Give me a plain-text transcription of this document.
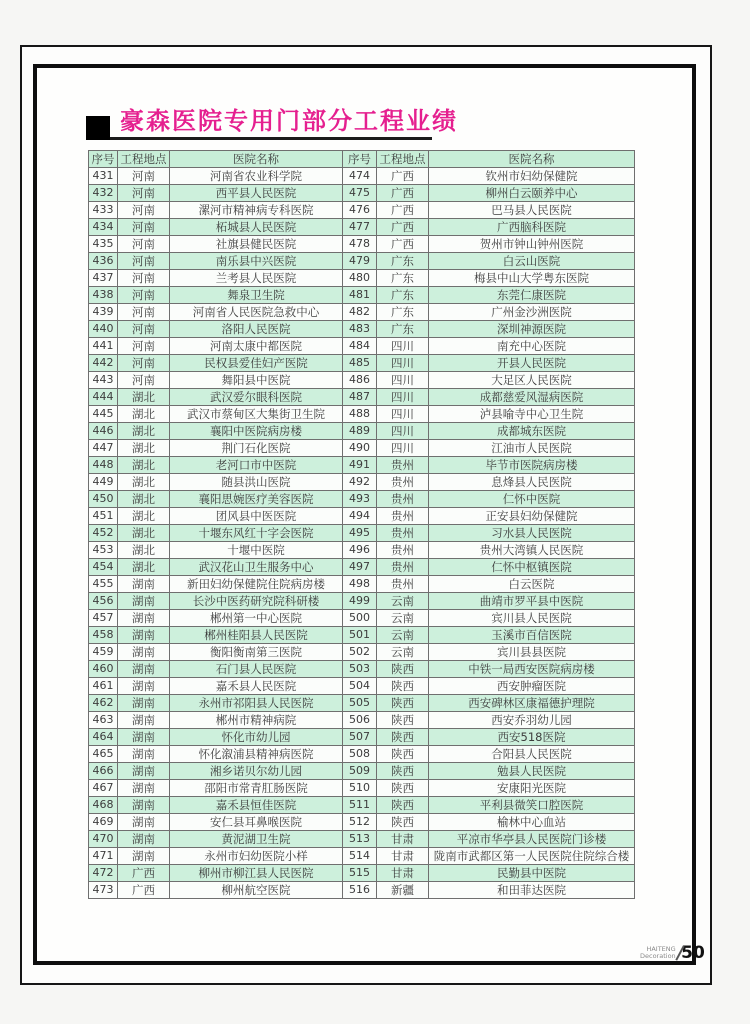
豪森医院专用门部分工程业绩
序号	工程地点	医院名称	序号	工程地点	医院名称
431	河南	河南省农业科学院	474	广西	钦州市妇幼保健院
432	河南	西平县人民医院	475	广西	柳州白云颐养中心
433	河南	漯河市精神病专科医院	476	广西	巴马县人民医院
434	河南	柘城县人民医院	477	广西	广西脑科医院
435	河南	社旗县健民医院	478	广西	贺州市钟山钟州医院
436	河南	南乐县中兴医院	479	广东	白云山医院
437	河南	兰考县人民医院	480	广东	梅县中山大学粤东医院
438	河南	舞泉卫生院	481	广东	东莞仁康医院
439	河南	河南省人民医院急救中心	482	广东	广州金沙洲医院
440	河南	洛阳人民医院	483	广东	深圳神源医院
441	河南	河南太康中都医院	484	四川	南充中心医院
442	河南	民权县爱佳妇产医院	485	四川	开县人民医院
443	河南	舞阳县中医院	486	四川	大足区人民医院
444	湖北	武汉爱尔眼科医院	487	四川	成都慈爱风湿病医院
445	湖北	武汉市蔡甸区大集街卫生院	488	四川	泸县喻寺中心卫生院
446	湖北	襄阳中医院病房楼	489	四川	成都城东医院
447	湖北	荆门石化医院	490	四川	江油市人民医院
448	湖北	老河口市中医院	491	贵州	毕节市医院病房楼
449	湖北	随县洪山医院	492	贵州	息烽县人民医院
450	湖北	襄阳思婉医疗美容医院	493	贵州	仁怀中医院
451	湖北	团风县中医医院	494	贵州	正安县妇幼保健院
452	湖北	十堰东风红十字会医院	495	贵州	习水县人民医院
453	湖北	十堰中医院	496	贵州	贵州大湾镇人民医院
454	湖北	武汉花山卫生服务中心	497	贵州	仁怀中枢镇医院
455	湖南	新田妇幼保健院住院病房楼	498	贵州	白云医院
456	湖南	长沙中医药研究院科研楼	499	云南	曲靖市罗平县中医院
457	湖南	郴州第一中心医院	500	云南	宾川县人民医院
458	湖南	郴州桂阳县人民医院	501	云南	玉溪市百信医院
459	湖南	衡阳衡南第三医院	502	云南	宾川县县医院
460	湖南	石门县人民医院	503	陕西	中铁一局西安医院病房楼
461	湖南	嘉禾县人民医院	504	陕西	西安肿瘤医院
462	湖南	永州市祁阳县人民医院	505	陕西	西安碑林区康福德护理院
463	湖南	郴州市精神病院	506	陕西	西安乔羽幼儿园
464	湖南	怀化市幼儿园	507	陕西	西安518医院
465	湖南	怀化溆浦县精神病医院	508	陕西	合阳县人民医院
466	湖南	湘乡诺贝尔幼儿园	509	陕西	勉县人民医院
467	湖南	邵阳市常青肛肠医院	510	陕西	安康阳光医院
468	湖南	嘉禾县恒佳医院	511	陕西	平利县微笑口腔医院
469	湖南	安仁县耳鼻喉医院	512	陕西	榆林中心血站
470	湖南	黄泥湖卫生院	513	甘肃	平凉市华亭县人民医院门诊楼
471	湖南	永州市妇幼医院小样	514	甘肃	陇南市武都区第一人民医院住院综合楼
472	广西	柳州市柳江县人民医院	515	甘肃	民勤县中医院
473	广西	柳州航空医院	516	新疆	和田菲达医院
HAITENG
Decoration 50
